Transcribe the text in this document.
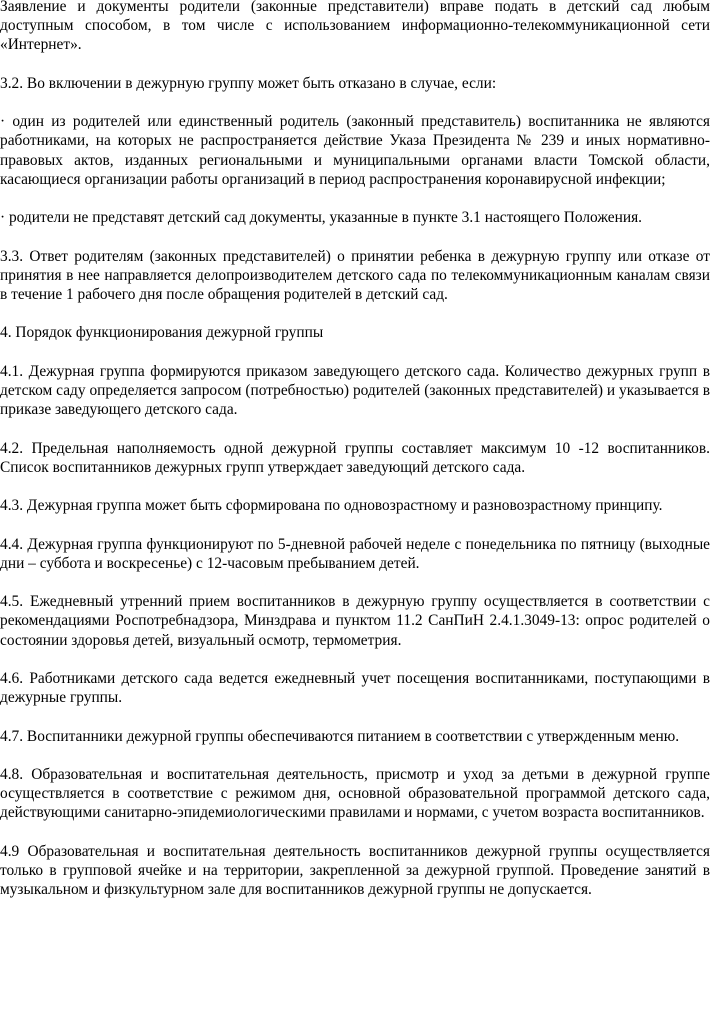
Заявление и документы родители (законные представители) вправе подать в детский сад любым доступным способом, в том числе с использованием информационно-телекоммуникационной сети «Интернет».

3.2. Во включении в дежурную группу может быть отказано в случае, если:

· один из родителей или единственный родитель (законный представитель) воспитанника не являются работниками, на которых не распространяется действие Указа Президента № 239 и иных нормативно-правовых актов, изданных региональными и муниципальными органами власти Томской области, касающиеся организации работы организаций в период распространения коронавирусной инфекции;

· родители не представят детский сад документы, указанные в пункте 3.1 настоящего Положения.

3.3. Ответ родителям (законных представителей) о принятии ребенка в дежурную группу или отказе от принятия в нее направляется делопроизводителем детского сада по телекоммуникационным каналам связи в течение 1 рабочего дня после обращения родителей в детский сад.

4. Порядок функционирования дежурной группы

4.1. Дежурная группа формируются приказом заведующего детского сада. Количество дежурных групп в детском саду определяется запросом (потребностью) родителей (законных представителей) и указывается в приказе заведующего детского сада.

4.2. Предельная наполняемость одной дежурной группы составляет максимум 10 -12 воспитанников. Список воспитанников дежурных групп утверждает заведующий детского сада.

4.3. Дежурная группа может быть сформирована по одновозрастному и разновозрастному принципу.

4.4. Дежурная группа функционируют по 5-дневной рабочей неделе с понедельника по пятницу (выходные дни – суббота и воскресенье) с 12-часовым пребыванием детей.

4.5. Ежедневный утренний прием воспитанников в дежурную группу осуществляется в соответствии с рекомендациями Роспотребнадзора, Минздрава и пунктом 11.2 СанПиН 2.4.1.3049-13: опрос родителей о состоянии здоровья детей, визуальный осмотр, термометрия.

4.6. Работниками детского сада ведется ежедневный учет посещения воспитанниками, поступающими в дежурные группы.

4.7. Воспитанники дежурной группы обеспечиваются питанием в соответствии с утвержденным меню.

4.8. Образовательная и воспитательная деятельность, присмотр и уход за детьми в дежурной группе осуществляется в соответствие с режимом дня, основной образовательной программой детского сада, действующими санитарно-эпидемиологическими правилами и нормами, с учетом возраста воспитанников.

4.9 Образовательная и воспитательная деятельность воспитанников дежурной группы осуществляется только в групповой ячейке и на территории, закрепленной за дежурной группой. Проведение занятий в музыкальном и физкультурном зале для воспитанников дежурной группы не допускается.
